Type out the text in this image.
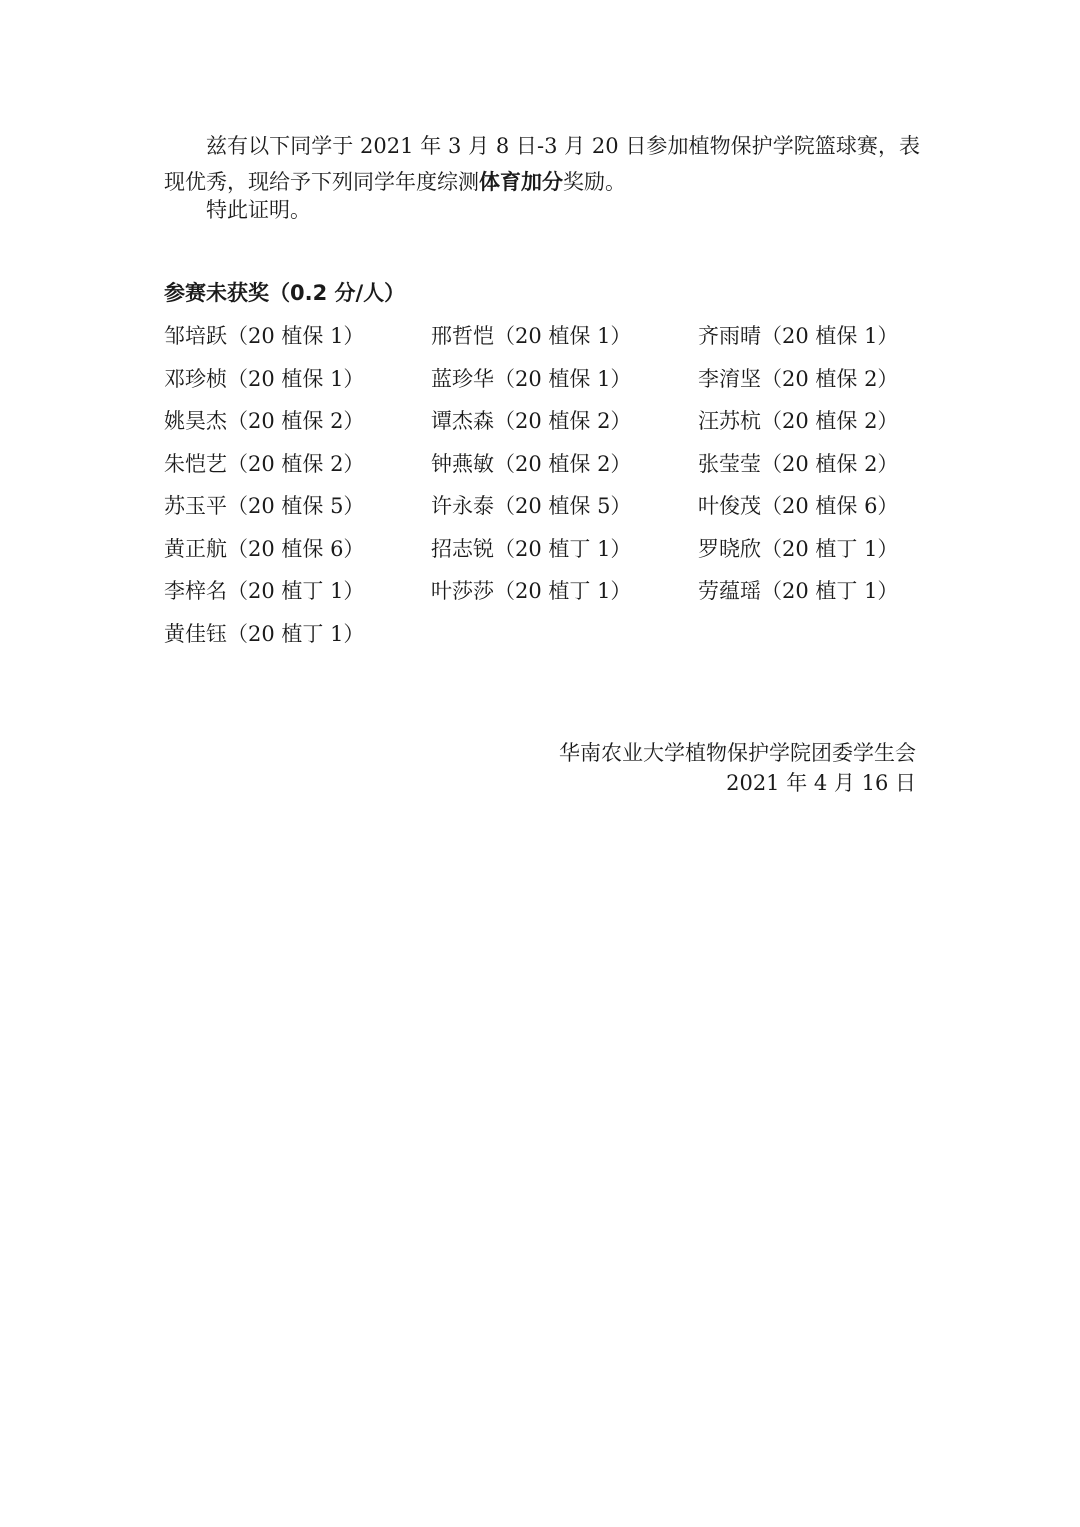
兹有以下同学于 2021 年 3 月 8 日-3 月 20 日参加植物保护学院篮球赛，表现优秀，现给予下列同学年度综测体育加分奖励。

特此证明。

参赛未获奖（0.2 分/人）

邹培跃（20 植保 1）	邢哲恺（20 植保 1）	齐雨晴（20 植保 1）
邓珍桢（20 植保 1）	蓝珍华（20 植保 1）	李淯坚（20 植保 2）
姚昊杰（20 植保 2）	谭杰森（20 植保 2）	汪苏杭（20 植保 2）
朱恺艺（20 植保 2）	钟燕敏（20 植保 2）	张莹莹（20 植保 2）
苏玉平（20 植保 5）	许永泰（20 植保 5）	叶俊茂（20 植保 6）
黄正航（20 植保 6）	招志锐（20 植丁 1）	罗晓欣（20 植丁 1）
李梓名（20 植丁 1）	叶莎莎（20 植丁 1）	劳蕴瑶（20 植丁 1）
黄佳钰（20 植丁 1）
华南农业大学植物保护学院团委学生会
2021 年 4 月 16 日
